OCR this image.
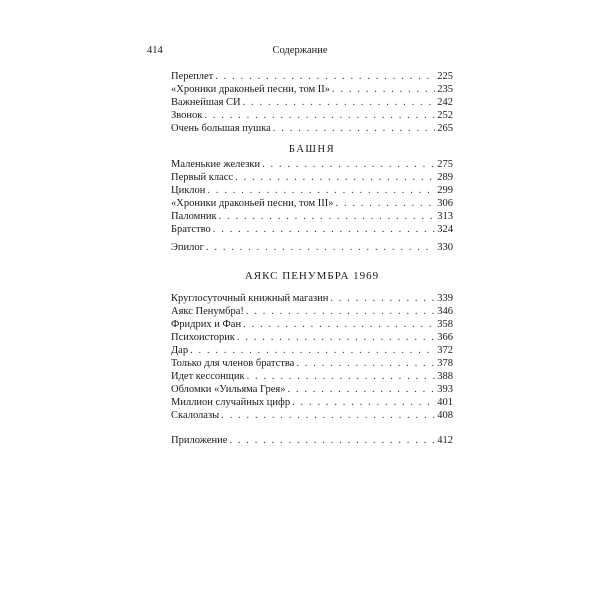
414	Содержание
Переплет . . .	225
«Хроники драконьей песни, том II» . . .	235
Важнейшая СИ . . .	242
Звонок . . .	252
Очень большая пушка . . .	265
БАШНЯ
Маленькие железки . . .	275
Первый класс . . .	289
Циклон . . .	299
«Хроники драконьей песни, том III» . . .	306
Паломник . . .	313
Братство . . .	324
Эпилог . . .	330
АЯКС ПЕНУМБРА 1969
Круглосуточный книжный магазин . . .	339
Аякс Пенумбра! . . .	346
Фридрих и Фан . . .	358
Психоисторик . . .	366
Дар . . .	372
Только для членов братства . . .	378
Идет кессонщик . . .	388
Обломки «Уильяма Грея» . . .	393
Миллион случайных цифр . . .	401
Скалолазы . . .	408
Приложение . . .	412
